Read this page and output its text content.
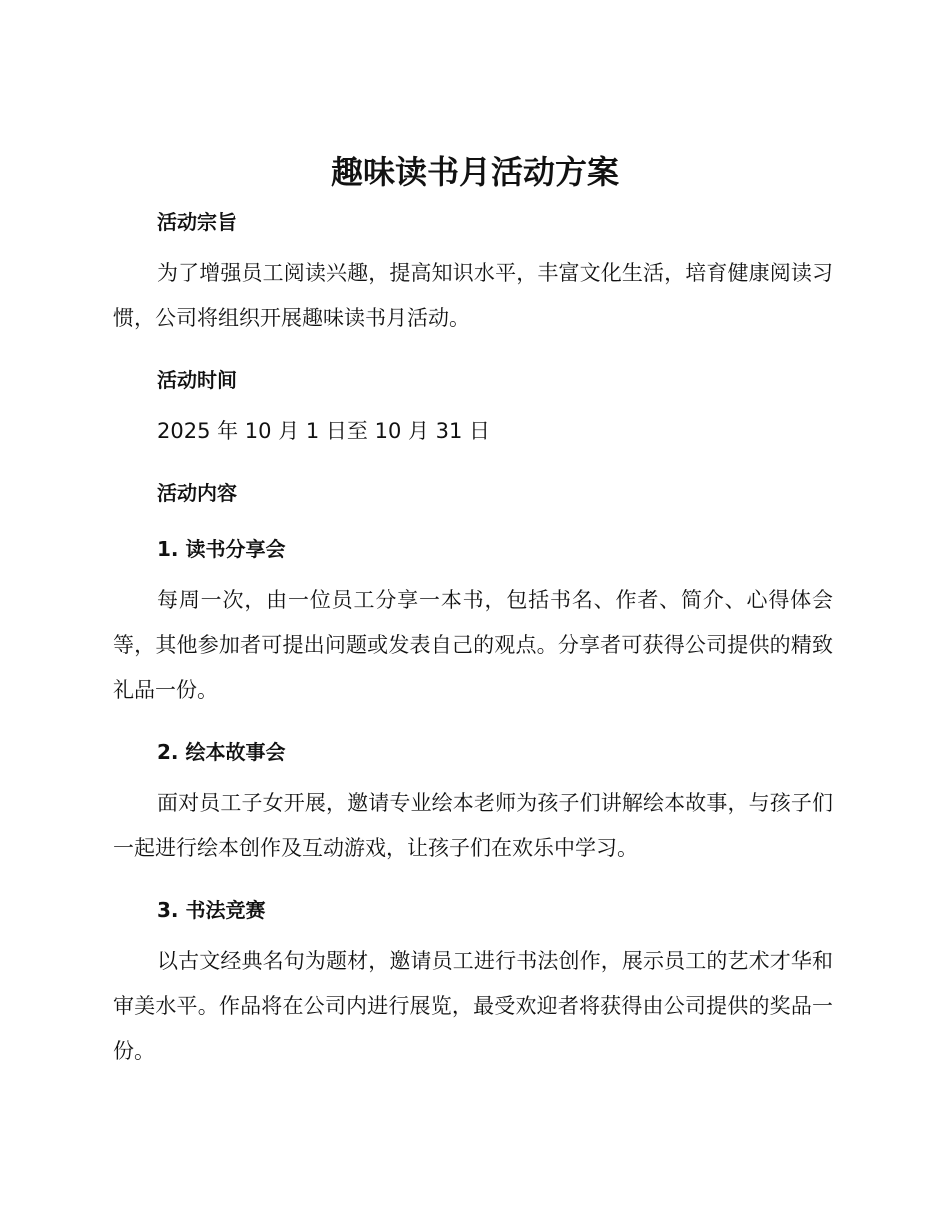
趣味读书月活动方案
活动宗旨

为了增强员工阅读兴趣，提高知识水平，丰富文化生活，培育健康阅读习惯，公司将组织开展趣味读书月活动。

活动时间

2025 年 10 月 1 日至 10 月 31 日

活动内容
1. 读书分享会

每周一次，由一位员工分享一本书，包括书名、作者、简介、心得体会等，其他参加者可提出问题或发表自己的观点。分享者可获得公司提供的精致礼品一份。

2. 绘本故事会

面对员工子女开展，邀请专业绘本老师为孩子们讲解绘本故事，与孩子们一起进行绘本创作及互动游戏，让孩子们在欢乐中学习。

3. 书法竞赛

以古文经典名句为题材，邀请员工进行书法创作，展示员工的艺术才华和审美水平。作品将在公司内进行展览，最受欢迎者将获得由公司提供的奖品一份。
